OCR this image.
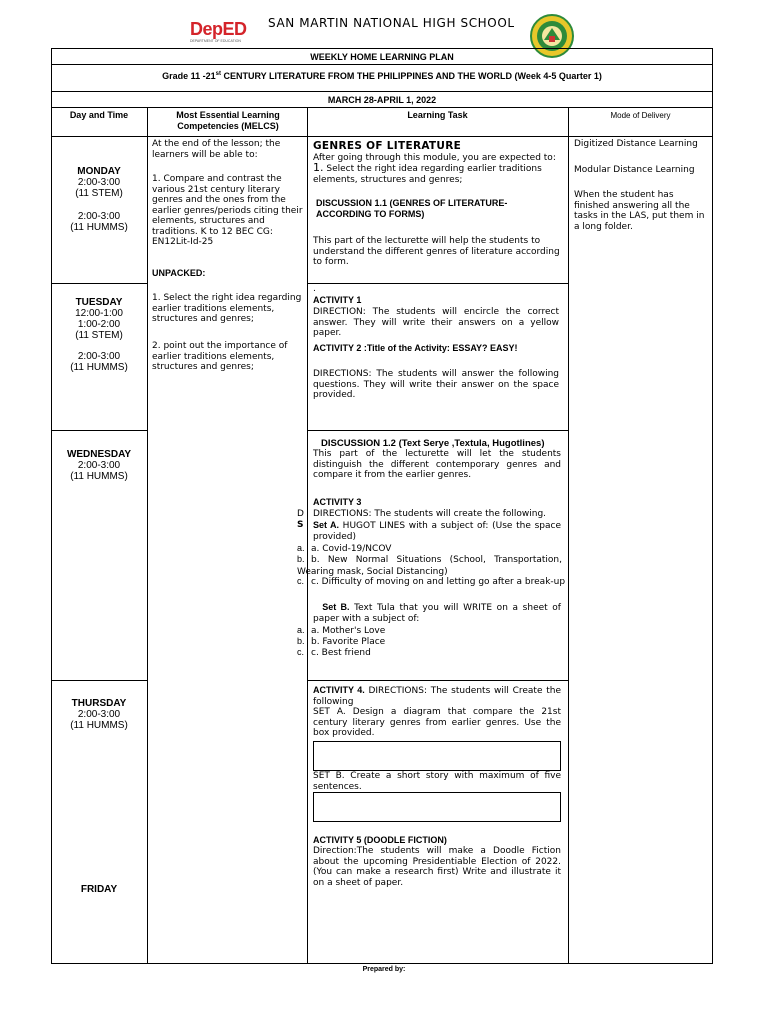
DepED
DEPARTMENT OF EDUCATION
SAN MARTIN NATIONAL HIGH SCHOOL
WEEKLY HOME LEARNING PLAN
Grade 11 -21st CENTURY LITERATURE FROM THE PHILIPPINES AND THE WORLD (Week 4-5 Quarter 1)
MARCH 28-APRIL 1, 2022
Day and Time	Most Essential Learning Competencies (MELCS)
Learning Task	Mode of Delivery
MONDAY
2:00-3:00
(11 STEM)
2:00-3:00
(11 HUMMS)
TUESDAY
12:00-1:00
1:00-2:00
(11 STEM)
2:00-3:00
(11 HUMMS)
WEDNESDAY
2:00-3:00
(11 HUMMS)
THURSDAY
2:00-3:00
(11 HUMMS)
FRIDAY
At the end of the lesson; the learners will be able to:
1. Compare and contrast the various 21st century literary genres and the ones from the earlier genres/periods citing their elements, structures and traditions. K to 12 BEC CG: EN12Lit-Id-25
UNPACKED:
1. Select the right idea regarding earlier traditions elements, structures and genres;
2. point out the importance of earlier traditions elements, structures and genres;
GENRES OF LITERATURE
After going through this module, you are expected to:
1. Select the right idea regarding earlier traditions elements, structures and genres;
DISCUSSION 1.1 (GENRES OF LITERATURE-ACCORDING TO FORMS)
This part of the lecturette will help the students to understand the different genres of literature according to form.
.
ACTIVITY 1
DIRECTION: The students will encircle the correct answer. They will write their answers on a yellow paper.
ACTIVITY 2 :Title of the Activity: ESSAY? EASY!
DIRECTIONS: The students will answer the following questions. They will write their answer on the space provided.
DISCUSSION 1.2 (Text Serye ,Textula, Hugotlines)
This part of the lecturette will let the students distinguish the different contemporary genres and compare it from the earlier genres.
ACTIVITY 3
D DIRECTIONS: The students will create the following.
S Set A. HUGOT LINES with a subject of: (Use the space provided)
a. a. Covid-19/NCOV
b. b. New Normal Situations (School, Transportation, Wearing mask, Social Distancing)
c. c. Difficulty of moving on and letting go after a break-up
Set B. Text Tula that you will WRITE on a sheet of paper with a subject of:
a. a. Mother's Love
b. b. Favorite Place
c. c. Best friend
ACTIVITY 4. DIRECTIONS: The students will Create the following
SET A. Design a diagram that compare the 21st century literary genres from earlier genres. Use the box provided.
SET B. Create a short story with maximum of five sentences.
ACTIVITY 5 (DOODLE FICTION)
Direction:The students will make a Doodle Fiction about the upcoming Presidentiable Election of 2022. (You can make a research first) Write and illustrate it on a sheet of paper.
Digitized Distance Learning
Modular Distance Learning
When the student has finished answering all the tasks in the LAS, put them in a long folder.
Prepared by:
